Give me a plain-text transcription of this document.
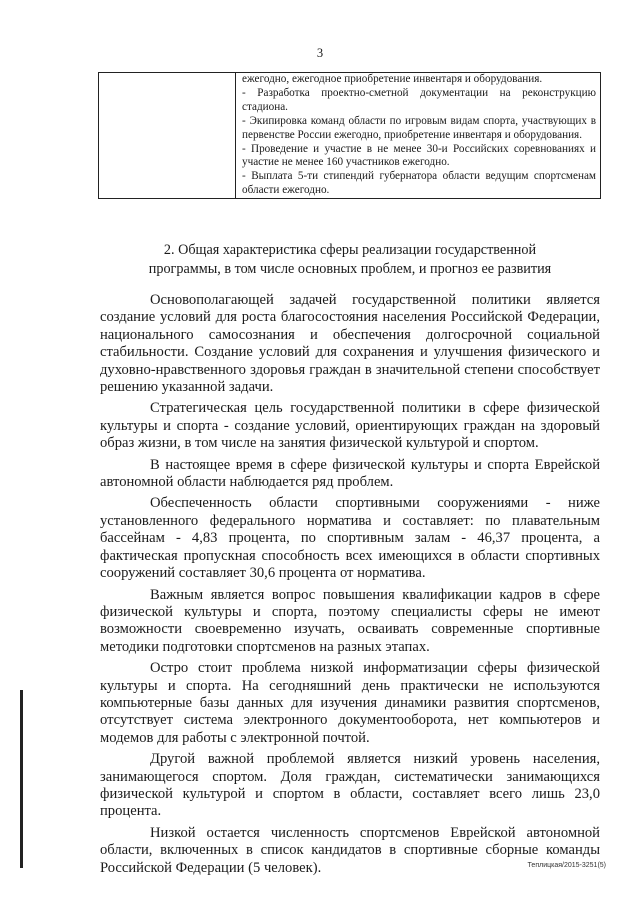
3

ежегодно, ежегодное приобретение инвентаря и оборудования.
- Разработка проектно-сметной документации на реконструкцию стадиона.
- Экипировка команд области по игровым видам спорта, участвующих в первенстве России ежегодно, приобретение инвентаря и оборудования.
- Проведение и участие в не менее 30-и Российских соревнованиях и участие не менее 160 участников ежегодно.
- Выплата 5-ти стипендий губернатора области ведущим спортсменам области ежегодно.
2. Общая характеристика сферы реализации государственной
программы, в том числе основных проблем, и прогноз ее развития

Основополагающей задачей государственной политики является создание условий для роста благосостояния населения Российской Федерации, национального самосознания и обеспечения долгосрочной социальной стабильности. Создание условий для сохранения и улучшения физического и духовно-нравственного здоровья граждан в значительной степени способствует решению указанной задачи.

Стратегическая цель государственной политики в сфере физической культуры и спорта - создание условий, ориентирующих граждан на здоровый образ жизни, в том числе на занятия физической культурой и спортом.

В настоящее время в сфере физической культуры и спорта Еврейской автономной области наблюдается ряд проблем.

Обеспеченность области спортивными сооружениями - ниже установленного федерального норматива и составляет: по плавательным бассейнам - 4,83 процента, по спортивным залам - 46,37 процента, а фактическая пропускная способность всех имеющихся в области спортивных сооружений составляет 30,6 процента от норматива.

Важным является вопрос повышения квалификации кадров в сфере физической культуры и спорта, поэтому специалисты сферы не имеют возможности своевременно изучать, осваивать современные спортивные методики подготовки спортсменов на разных этапах.

Остро стоит проблема низкой информатизации сферы физической культуры и спорта. На сегодняшний день практически не используются компьютерные базы данных для изучения динамики развития спортсменов, отсутствует система электронного документооборота, нет компьютеров и модемов для работы с электронной почтой.

Другой важной проблемой является низкий уровень населения, занимающегося спортом. Доля граждан, систематически занимающихся физической культурой и спортом в области, составляет всего лишь 23,0 процента.

Низкой остается численность спортсменов Еврейской автономной области, включенных в список кандидатов в спортивные сборные команды Российской Федерации (5 человек).	Теплицкая/2015-3251(5)
